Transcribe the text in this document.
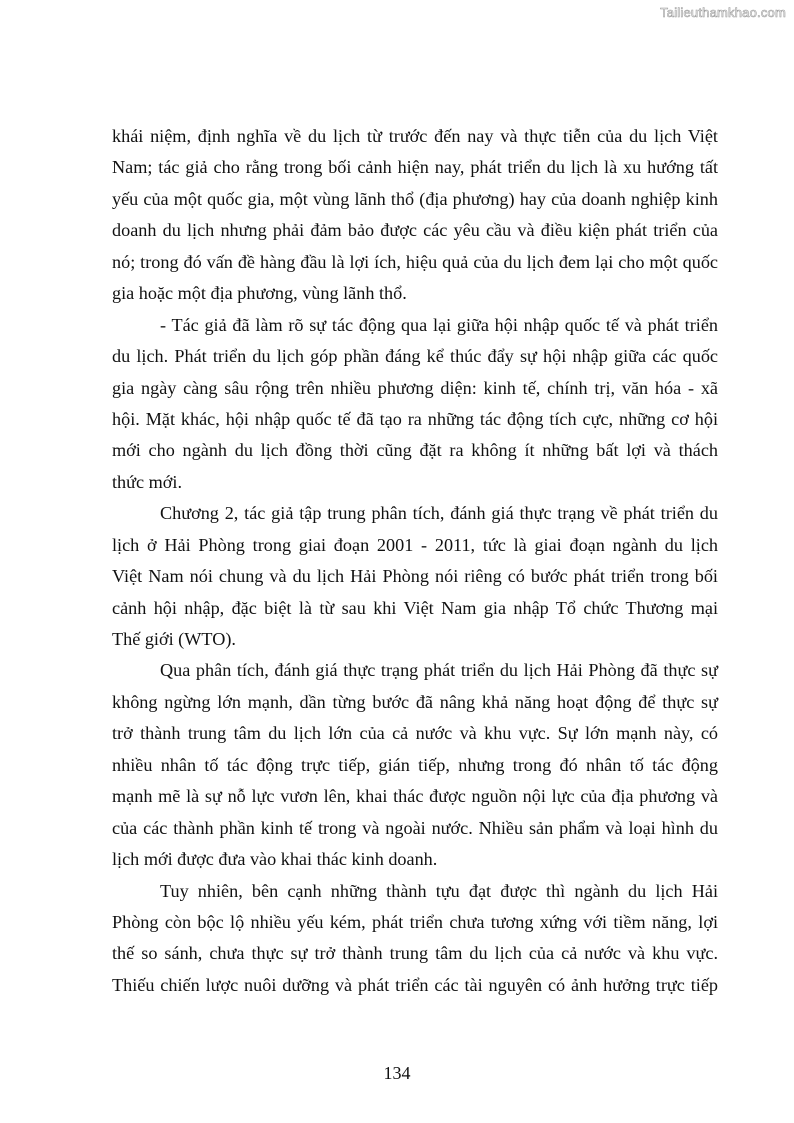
Tailieuthamkhao.com
khái niệm, định nghĩa về du lịch từ trước đến nay và thực tiễn của du lịch Việt
Nam; tác giả cho rằng trong bối cảnh hiện nay, phát triển du lịch là xu hướng tất
yếu của một quốc gia, một vùng lãnh thổ (địa phương) hay của doanh nghiệp kinh
doanh du lịch nhưng phải đảm bảo được các yêu cầu và điều kiện phát triển của
nó; trong đó vấn đề hàng đầu là lợi ích, hiệu quả của du lịch đem lại cho một quốc
gia hoặc một địa phương, vùng lãnh thổ.
- Tác giả đã làm rõ sự tác động qua lại giữa hội nhập quốc tế và phát triển
du lịch. Phát triển du lịch góp phần đáng kể thúc đẩy sự hội nhập giữa các quốc
gia ngày càng sâu rộng trên nhiều phương diện: kinh tế, chính trị, văn hóa - xã
hội. Mặt khác, hội nhập quốc tế đã tạo ra những tác động tích cực, những cơ hội
mới cho ngành du lịch đồng thời cũng đặt ra không ít những bất lợi và thách
thức mới.
Chương 2, tác giả tập trung phân tích, đánh giá thực trạng về phát triển du
lịch ở Hải Phòng trong giai đoạn 2001 - 2011, tức là giai đoạn ngành du lịch
Việt Nam nói chung và du lịch Hải Phòng nói riêng có bước phát triển trong bối
cảnh hội nhập, đặc biệt là từ sau khi Việt Nam gia nhập Tổ chức Thương mại
Thế giới (WTO).
Qua phân tích, đánh giá thực trạng phát triển du lịch Hải Phòng đã thực sự
không ngừng lớn mạnh, dần từng bước đã nâng khả năng hoạt động để thực sự
trở thành trung tâm du lịch lớn của cả nước và khu vực. Sự lớn mạnh này, có
nhiều nhân tố tác động trực tiếp, gián tiếp, nhưng trong đó nhân tố tác động
mạnh mẽ là sự nỗ lực vươn lên, khai thác được nguồn nội lực của địa phương và
của các thành phần kinh tế trong và ngoài nước. Nhiều sản phẩm và loại hình du
lịch mới được đưa vào khai thác kinh doanh.
Tuy nhiên, bên cạnh những thành tựu đạt được thì ngành du lịch Hải
Phòng còn bộc lộ nhiều yếu kém, phát triển chưa tương xứng với tiềm năng, lợi
thế so sánh, chưa thực sự trở thành trung tâm du lịch của cả nước và khu vực.
Thiếu chiến lược nuôi dưỡng và phát triển các tài nguyên có ảnh hưởng trực tiếp
134
